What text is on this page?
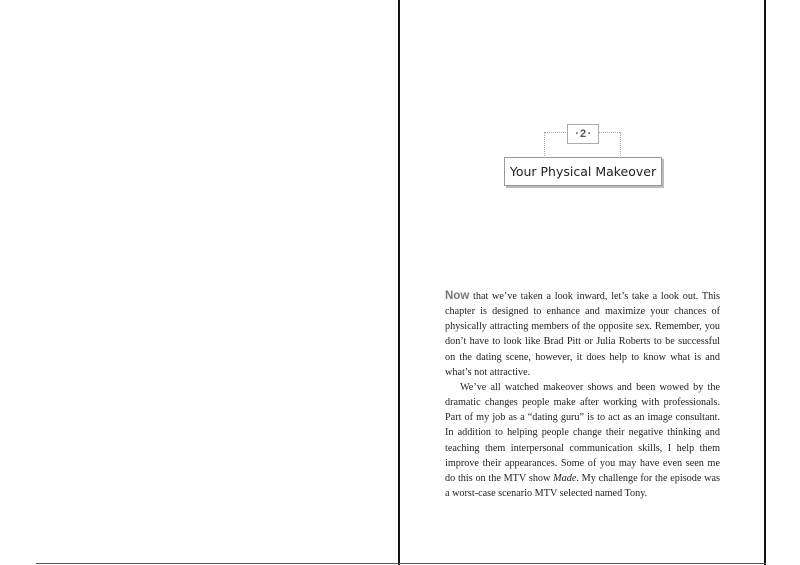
• 2 •
Your Physical Makeover

Now that we’ve taken a look inward, let’s take a look out. This chapter is designed to enhance and maximize your chances of physically attracting members of the opposite sex. Remember, you don’t have to look like Brad Pitt or Julia Roberts to be successful on the dating scene, however, it does help to know what is and what’s not attractive.

We’ve all watched makeover shows and been wowed by the dramatic changes people make after working with professionals. Part of my job as a “dating guru” is to act as an image consultant. In addition to helping people change their negative thinking and teaching them interpersonal communication skills, I help them improve their appearances. Some of you may have even seen me do this on the MTV show Made. My challenge for the episode was a worst-case scenario MTV selected named Tony.
